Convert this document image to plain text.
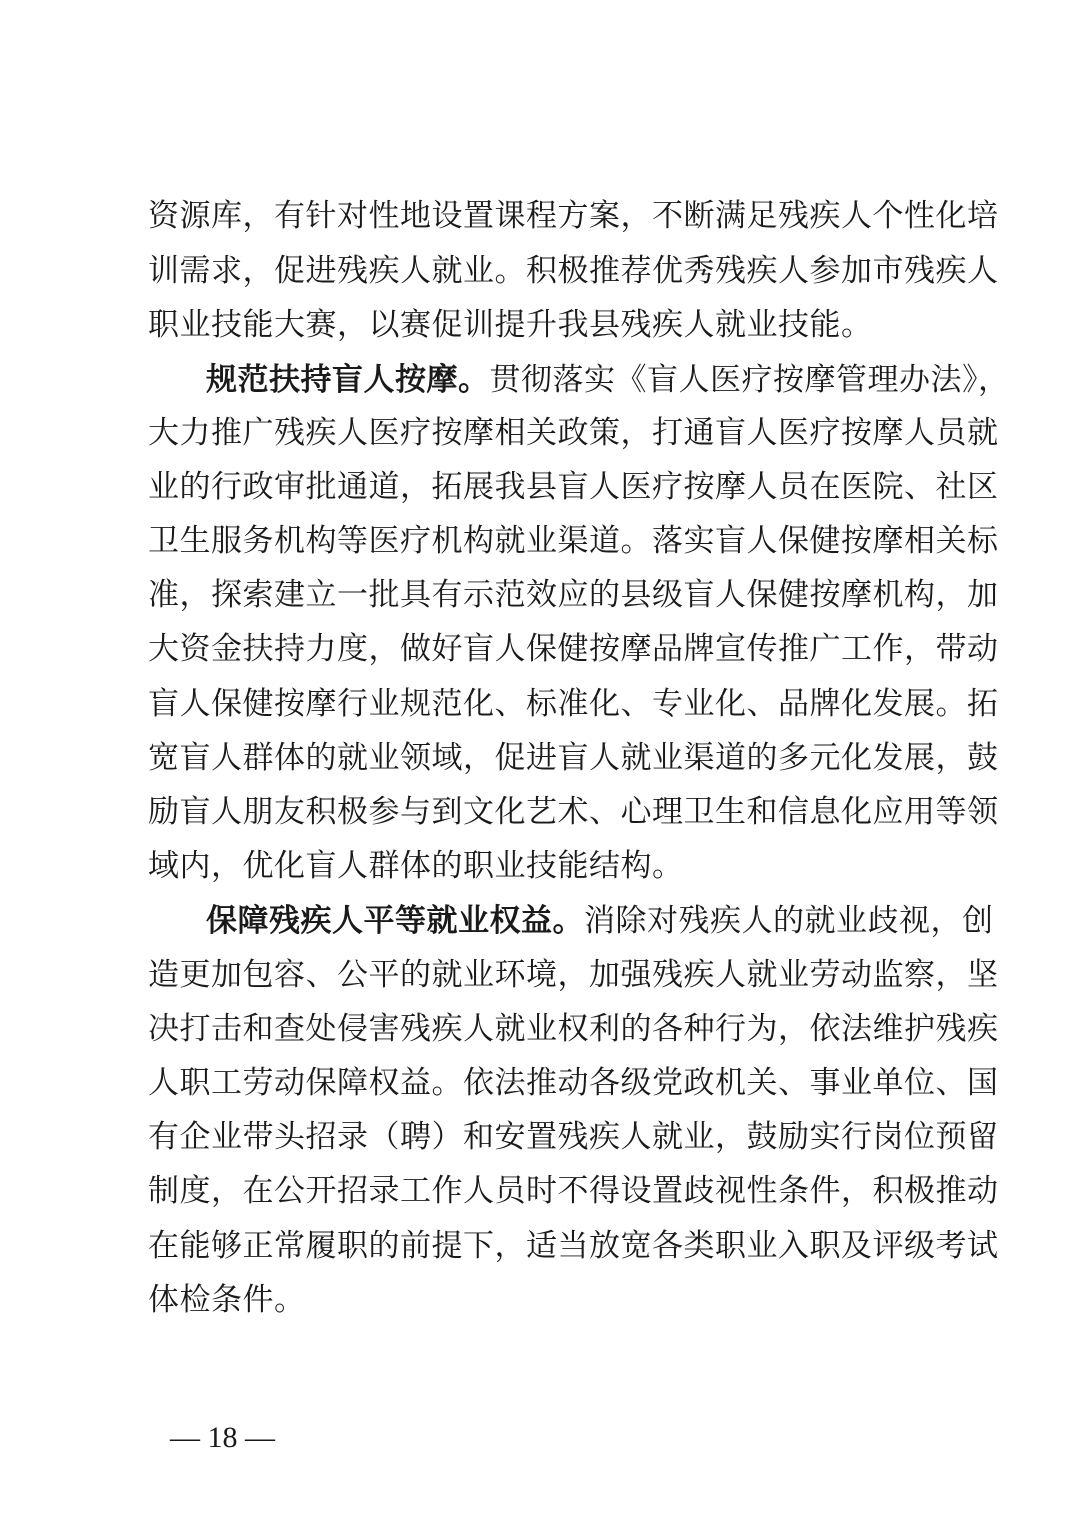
资源库，有针对性地设置课程方案，不断满足残疾人个性化培
训需求，促进残疾人就业。积极推荐优秀残疾人参加市残疾人
职业技能大赛，以赛促训提升我县残疾人就业技能。
规范扶持盲人按摩。贯彻落实《盲人医疗按摩管理办法》，
大力推广残疾人医疗按摩相关政策，打通盲人医疗按摩人员就
业的行政审批通道，拓展我县盲人医疗按摩人员在医院、社区
卫生服务机构等医疗机构就业渠道。落实盲人保健按摩相关标
准，探索建立一批具有示范效应的县级盲人保健按摩机构，加
大资金扶持力度，做好盲人保健按摩品牌宣传推广工作，带动
盲人保健按摩行业规范化、标准化、专业化、品牌化发展。拓
宽盲人群体的就业领域，促进盲人就业渠道的多元化发展，鼓
励盲人朋友积极参与到文化艺术、心理卫生和信息化应用等领
域内，优化盲人群体的职业技能结构。
保障残疾人平等就业权益。消除对残疾人的就业歧视，创
造更加包容、公平的就业环境，加强残疾人就业劳动监察，坚
决打击和查处侵害残疾人就业权利的各种行为，依法维护残疾
人职工劳动保障权益。依法推动各级党政机关、事业单位、国
有企业带头招录（聘）和安置残疾人就业，鼓励实行岗位预留
制度，在公开招录工作人员时不得设置歧视性条件，积极推动
在能够正常履职的前提下，适当放宽各类职业入职及评级考试
体检条件。
— 18 —
